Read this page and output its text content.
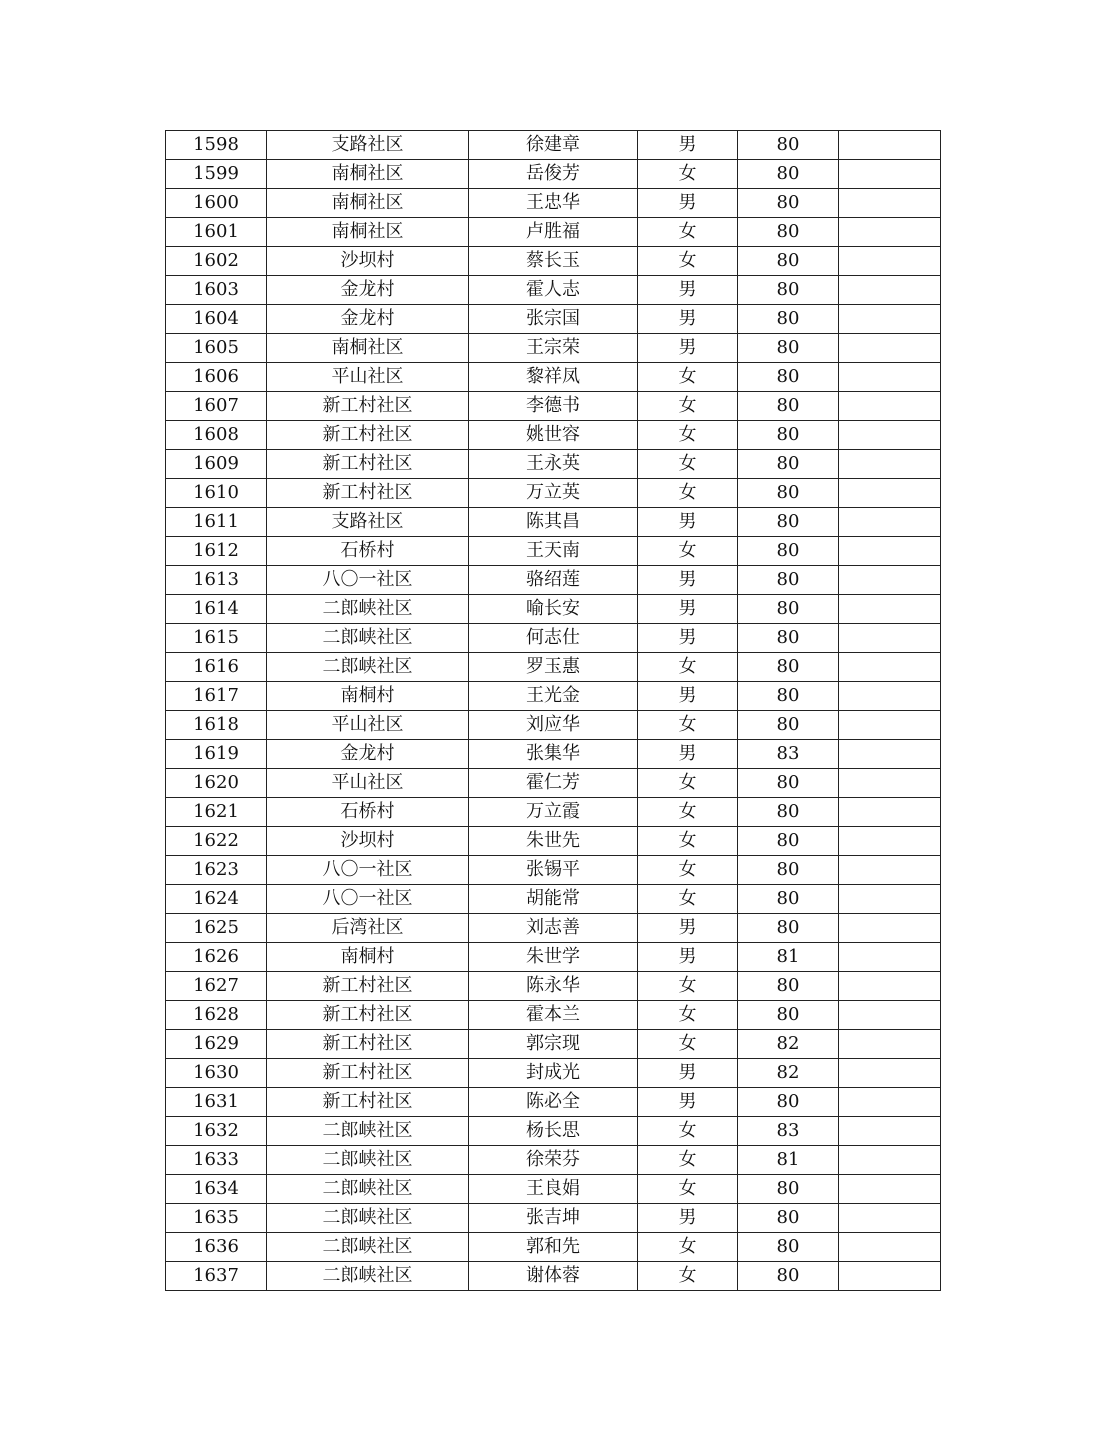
1598	支路社区	徐建章	男	80	
1599	南桐社区	岳俊芳	女	80	
1600	南桐社区	王忠华	男	80	
1601	南桐社区	卢胜福	女	80	
1602	沙坝村	蔡长玉	女	80	
1603	金龙村	霍人志	男	80	
1604	金龙村	张宗国	男	80	
1605	南桐社区	王宗荣	男	80	
1606	平山社区	黎祥凤	女	80	
1607	新工村社区	李德书	女	80	
1608	新工村社区	姚世容	女	80	
1609	新工村社区	王永英	女	80	
1610	新工村社区	万立英	女	80	
1611	支路社区	陈其昌	男	80	
1612	石桥村	王天南	女	80	
1613	八〇一社区	骆绍莲	男	80	
1614	二郎峡社区	喻长安	男	80	
1615	二郎峡社区	何志仕	男	80	
1616	二郎峡社区	罗玉惠	女	80	
1617	南桐村	王光金	男	80	
1618	平山社区	刘应华	女	80	
1619	金龙村	张集华	男	83	
1620	平山社区	霍仁芳	女	80	
1621	石桥村	万立霞	女	80	
1622	沙坝村	朱世先	女	80	
1623	八〇一社区	张锡平	女	80	
1624	八〇一社区	胡能常	女	80	
1625	后湾社区	刘志善	男	80	
1626	南桐村	朱世学	男	81	
1627	新工村社区	陈永华	女	80	
1628	新工村社区	霍本兰	女	80	
1629	新工村社区	郭宗现	女	82	
1630	新工村社区	封成光	男	82	
1631	新工村社区	陈必全	男	80	
1632	二郎峡社区	杨长思	女	83	
1633	二郎峡社区	徐荣芬	女	81	
1634	二郎峡社区	王良娟	女	80	
1635	二郎峡社区	张吉坤	男	80	
1636	二郎峡社区	郭和先	女	80	
1637	二郎峡社区	谢体蓉	女	80	
